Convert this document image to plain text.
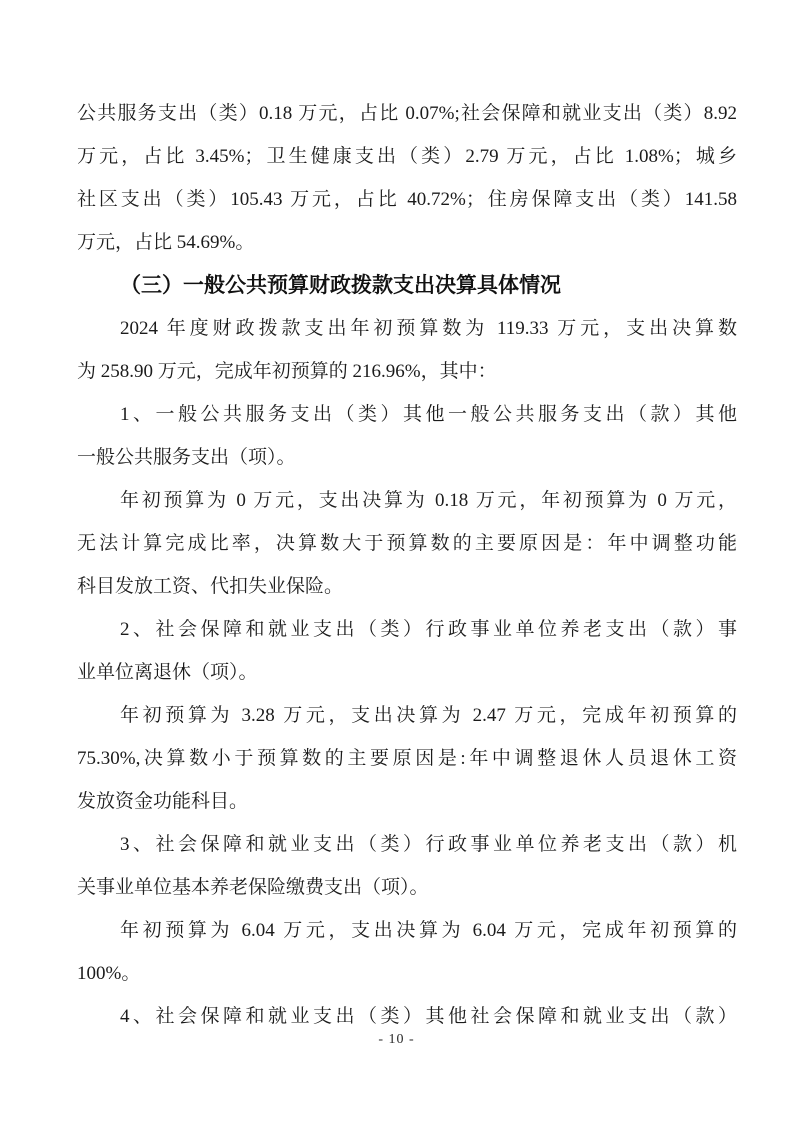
公共服务支出（类）0.18 万元，占比 0.07%;社会保障和就业支出（类）8.92
万元，占比 3.45%；卫生健康支出（类）2.79 万元，占比 1.08%；城乡
社区支出（类）105.43 万元，占比 40.72%；住房保障支出（类）141.58
万元，占比 54.69%。
（三）一般公共预算财政拨款支出决算具体情况
2024 年度财政拨款支出年初预算数为 119.33 万元，支出决算数
为 258.90 万元，完成年初预算的 216.96%，其中：
1、一般公共服务支出（类）其他一般公共服务支出（款）其他
一般公共服务支出（项）。
年初预算为 0 万元，支出决算为 0.18 万元，年初预算为 0 万元，
无法计算完成比率，决算数大于预算数的主要原因是：年中调整功能
科目发放工资、代扣失业保险。
2、社会保障和就业支出（类）行政事业单位养老支出（款）事
业单位离退休（项）。
年初预算为 3.28 万元，支出决算为 2.47 万元，完成年初预算的
75.30%,决算数小于预算数的主要原因是:年中调整退休人员退休工资
发放资金功能科目。
3、社会保障和就业支出（类）行政事业单位养老支出（款）机
关事业单位基本养老保险缴费支出（项）。
年初预算为 6.04 万元，支出决算为 6.04 万元，完成年初预算的
100%。
4、社会保障和就业支出（类）其他社会保障和就业支出（款）
- 10 -
